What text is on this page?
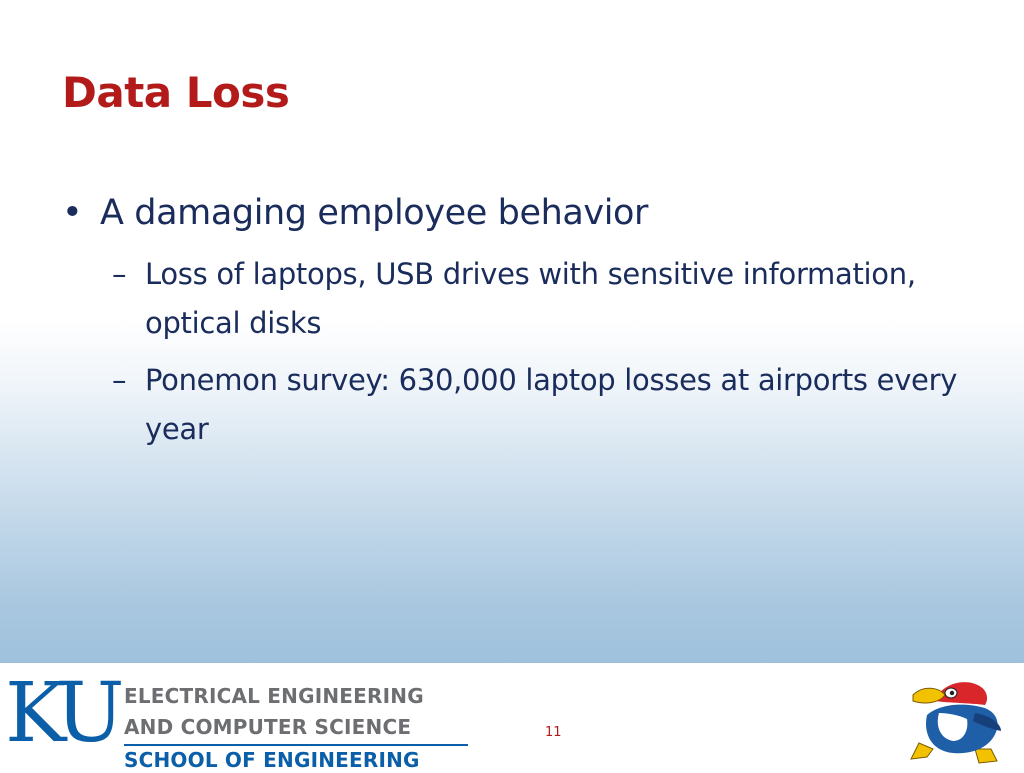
Data Loss
• A damaging employee behavior
– Loss of laptops, USB drives with sensitive information, optical disks
– Ponemon survey: 630,000 laptop losses at airports every year
KU ELECTRICAL ENGINEERING
AND COMPUTER SCIENCE
SCHOOL OF ENGINEERING
11
